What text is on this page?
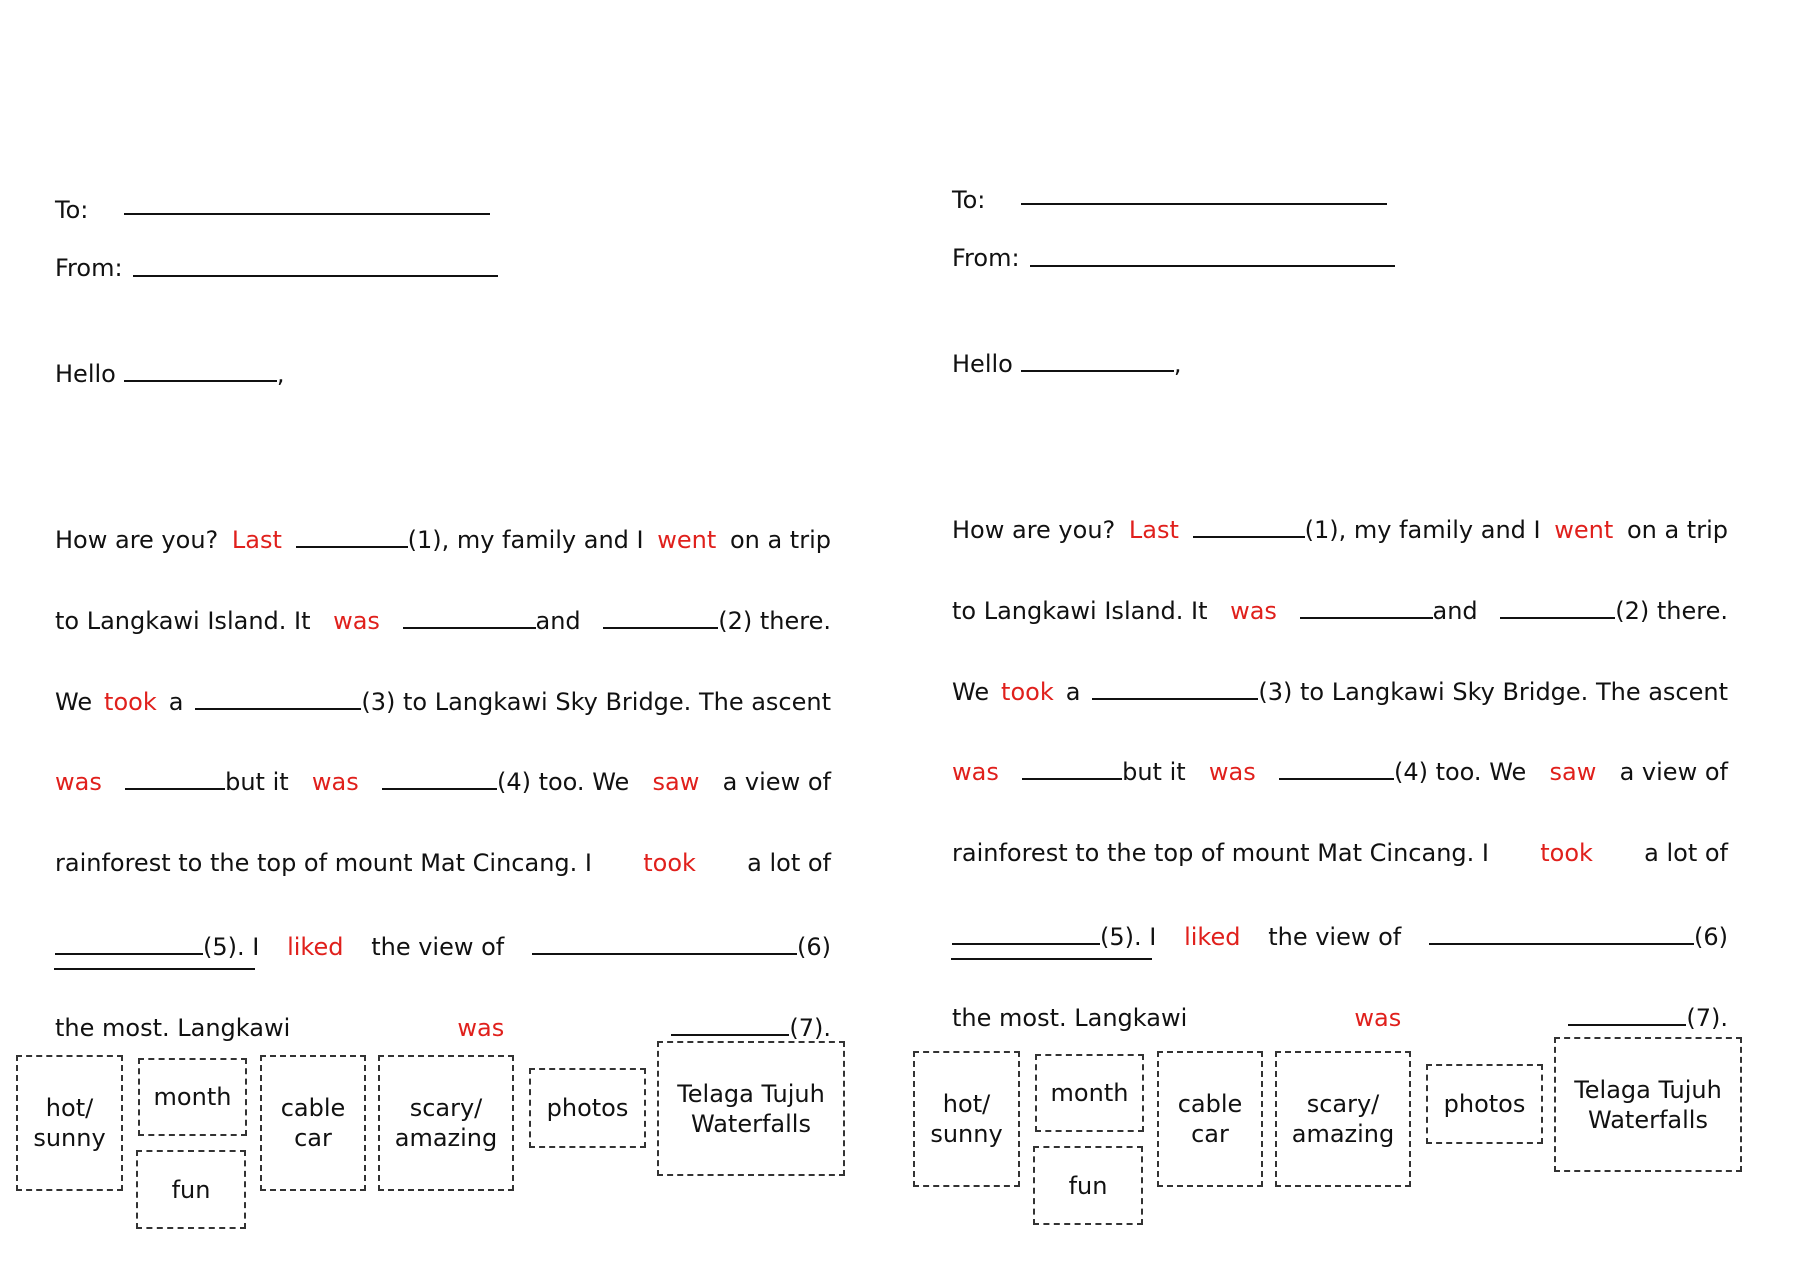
To:
From:
Hello	,
How are you? Last	(1), my family and I went on a trip
to Langkawi Island. It was	and	(2) there.
We took a	(3) to Langkawi Sky Bridge. The ascent
was	but it was	(4) too. We saw a view of
rainforest to the top of mount Mat Cincang. I took a lot of
(5). I liked the view of	(6)
the most. Langkawi	was	(7).
hot/
sunny
month
fun
cable
car
scary/
amazing
photos
Telaga Tujuh
Waterfalls
To:
From:
Hello	,
How are you? Last	(1), my family and I went on a trip
to Langkawi Island. It was	and	(2) there.
We took a	(3) to Langkawi Sky Bridge. The ascent
was	but it was	(4) too. We saw a view of
rainforest to the top of mount Mat Cincang. I took a lot of
(5). I liked the view of	(6)
the most. Langkawi	was	(7).
hot/
sunny
month
fun
cable
car
scary/
amazing
photos
Telaga Tujuh
Waterfalls
